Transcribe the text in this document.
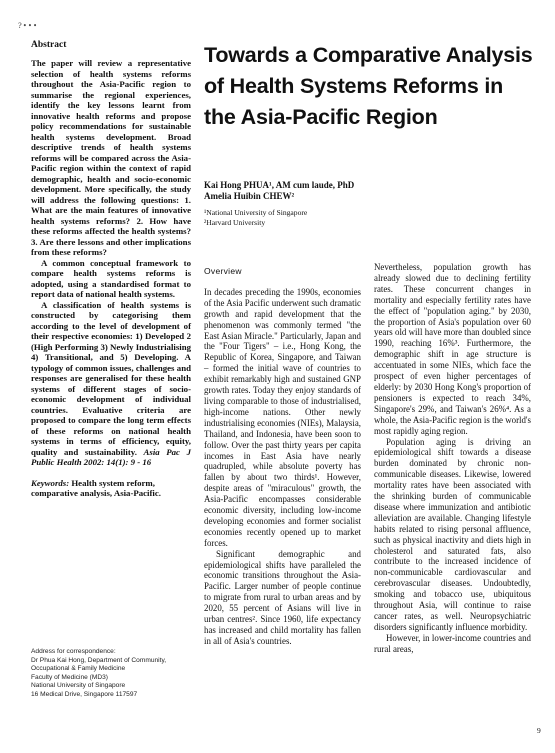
?•••
Abstract

The paper will review a representative selection of health systems reforms throughout the Asia-Pacific region to summarise the regional experiences, identify the key lessons learnt from innovative health reforms and propose policy recommendations for sustainable health systems development. Broad descriptive trends of health systems reforms will be compared across the Asia-Pacific region within the context of rapid demographic, health and socio-economic development. More specifically, the study will address the following questions: 1. What are the main features of innovative health systems reforms? 2. How have these reforms affected the health systems? 3. Are there lessons and other implications from these reforms?

A common conceptual framework to compare health systems reforms is adopted, using a standardised format to report data of national health systems.

A classification of health systems is constructed by categorising them according to the level of development of their respective economies: 1) Developed 2 (High Performing 3) Newly Industrialising 4) Transitional, and 5) Developing. A typology of common issues, challenges and responses are generalised for these health systems of different stages of socio-economic development of individual countries. Evaluative criteria are proposed to compare the long term effects of these reforms on national health systems in terms of efficiency, equity, quality and sustainability. Asia Pac J Public Health 2002: 14(1): 9 - 16

Keywords: Health system reform, comparative analysis, Asia-Pacific.
Address for correspondence:
Dr Phua Kai Hong, Department of Community,
Occupational & Family Medicine
Faculty of Medicine (MD3)
National University of Singapore
16 Medical Drive, Singapore 117597
Towards a Comparative Analysis of Health Systems Reforms in the Asia-Pacific Region
Kai Hong PHUA¹, AM cum laude, PhD
Amelia Huibin CHEW²
¹National University of Singapore
²Harvard University
Overview

In decades preceding the 1990s, economies of the Asia Pacific underwent such dramatic growth and rapid development that the phenomenon was commonly termed "the East Asian Miracle." Particularly, Japan and the "Four Tigers" – i.e., Hong Kong, the Republic of Korea, Singapore, and Taiwan – formed the initial wave of countries to exhibit remarkably high and sustained GNP growth rates. Today they enjoy standards of living comparable to those of industrialised, high-income nations. Other newly industrialising economies (NIEs), Malaysia, Thailand, and Indonesia, have been soon to follow. Over the past thirty years per capita incomes in East Asia have nearly quadrupled, while absolute poverty has fallen by about two thirds¹. However, despite areas of "miraculous" growth, the Asia-Pacific encompasses considerable economic diversity, including low-income developing economies and former socialist economies recently opened up to market forces.

Significant demographic and epidemiological shifts have paralleled the economic transitions throughout the Asia-Pacific. Larger number of people continue to migrate from rural to urban areas and by 2020, 55 percent of Asians will live in urban centres². Since 1960, life expectancy has increased and child mortality has fallen in all of Asia's countries.

Nevertheless, population growth has already slowed due to declining fertility rates. These concurrent changes in mortality and especially fertility rates have the effect of "population aging." by 2030, the proportion of Asia's population over 60 years old will have more than doubled since 1990, reaching 16%³. Furthermore, the demographic shift in age structure is accentuated in some NIEs, which face the prospect of even higher percentages of elderly: by 2030 Hong Kong's proportion of pensioners is expected to reach 34%, Singapore's 29%, and Taiwan's 26%⁴. As a whole, the Asia-Pacific region is the world's most rapidly aging region.

Population aging is driving an epidemiological shift towards a disease burden dominated by chronic non-communicable diseases. Likewise, lowered mortality rates have been associated with the shrinking burden of communicable disease where immunization and antibiotic alleviation are available. Changing lifestyle habits related to rising personal affluence, such as physical inactivity and diets high in cholesterol and saturated fats, also contribute to the increased incidence of non-communicable cardiovascular and cerebrovascular diseases. Undoubtedly, smoking and tobacco use, ubiquitous throughout Asia, will continue to raise cancer rates, as well. Neuropsychiatric disorders significantly influence morbidity.

However, in lower-income countries and rural areas,

9
